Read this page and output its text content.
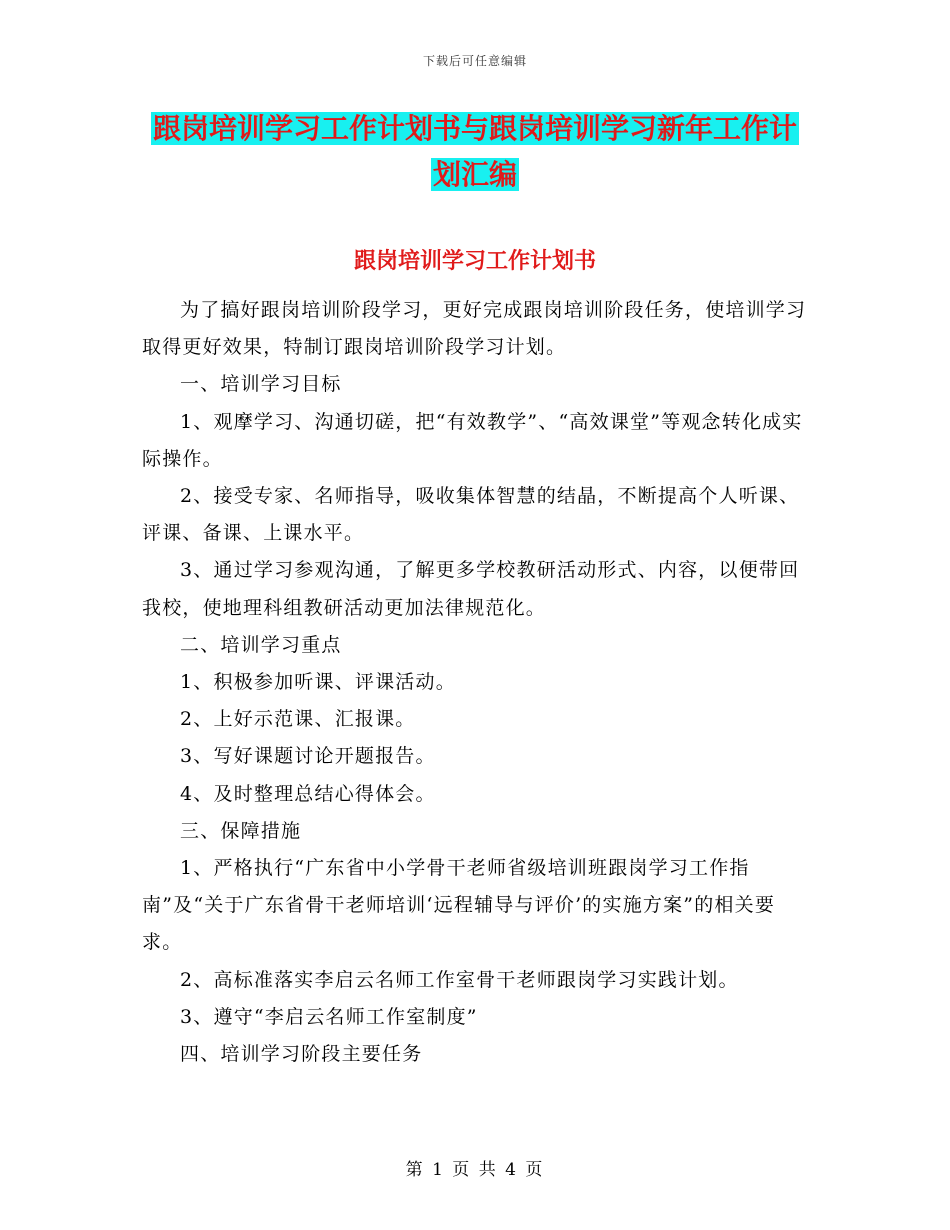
下载后可任意编辑
跟岗培训学习工作计划书与跟岗培训学习新年工作计
划汇编
跟岗培训学习工作计划书

为了搞好跟岗培训阶段学习，更好完成跟岗培训阶段任务，使培训学习取得更好效果，特制订跟岗培训阶段学习计划。

一、培训学习目标

1、观摩学习、沟通切磋，把“有效教学”、“高效课堂”等观念转化成实际操作。

2、接受专家、名师指导，吸收集体智慧的结晶，不断提高个人听课、评课、备课、上课水平。

3、通过学习参观沟通，了解更多学校教研活动形式、内容，以便带回我校，使地理科组教研活动更加法律规范化。

二、培训学习重点

1、积极参加听课、评课活动。

2、上好示范课、汇报课。

3、写好课题讨论开题报告。

4、及时整理总结心得体会。

三、保障措施

1、严格执行“广东省中小学骨干老师省级培训班跟岗学习工作指南”及“关于广东省骨干老师培训‘远程辅导与评价’的实施方案”的相关要求。

2、高标准落实李启云名师工作室骨干老师跟岗学习实践计划。

3、遵守“李启云名师工作室制度”

四、培训学习阶段主要任务

第 1 页 共 4 页
